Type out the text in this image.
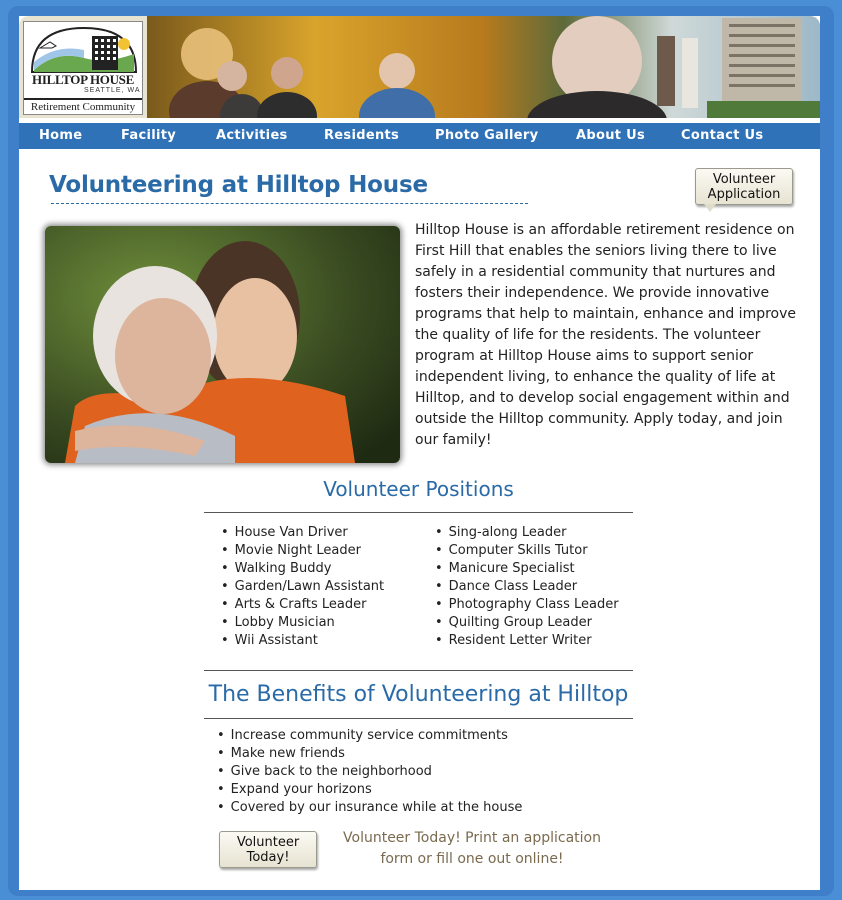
HILLTOP HOUSE
SEATTLE, WA
Retirement Community
Home	Facility	Activities	Residents	Photo Gallery	About Us	Contact Us
Volunteering at Hilltop House	Volunteer
Application
Hilltop House is an affordable retirement residence on First Hill that enables the seniors living there to live safely in a residential community that nurtures and fosters their independence. We provide innovative programs that help to maintain, enhance and improve the quality of life for the residents. The volunteer program at Hilltop House aims to support senior independent living, to enhance the quality of life at Hilltop, and to develop social engagement within and outside the Hilltop community. Apply today, and join our family!
Volunteer Positions
• House Van Driver
• Movie Night Leader
• Walking Buddy
• Garden/Lawn Assistant
• Arts & Crafts Leader
• Lobby Musician
• Wii Assistant
• Sing-along Leader
• Computer Skills Tutor
• Manicure Specialist
• Dance Class Leader
• Photography Class Leader
• Quilting Group Leader
• Resident Letter Writer
The Benefits of Volunteering at Hilltop
• Increase community service commitments
• Make new friends
• Give back to the neighborhood
• Expand your horizons
• Covered by our insurance while at the house
Volunteer
Today!
Volunteer Today! Print an application form or fill one out online!
